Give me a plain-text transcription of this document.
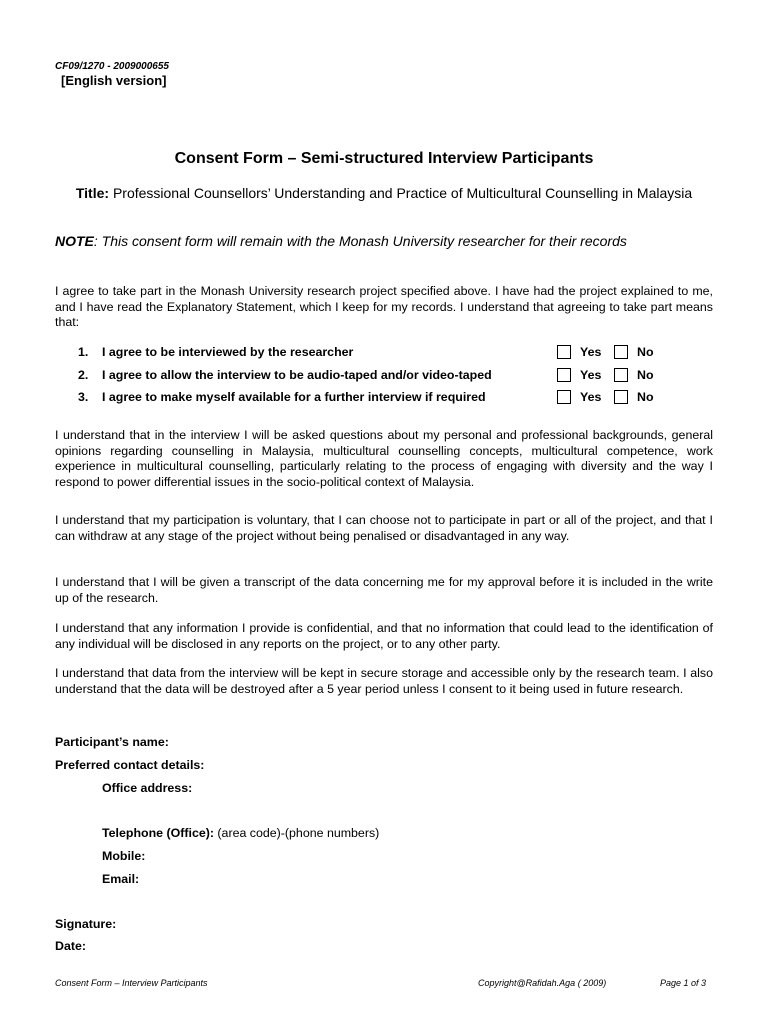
CF09/1270 - 2009000655
[English version]
Consent Form – Semi-structured Interview Participants
Title: Professional Counsellors’ Understanding and Practice of Multicultural Counselling in Malaysia
NOTE: This consent form will remain with the Monash University researcher for their records
I agree to take part in the Monash University research project specified above. I have had the project explained to me, and I have read the Explanatory Statement, which I keep for my records. I understand that agreeing to take part means that:
1. I agree to be interviewed by the researcher	Yes	No
2. I agree to allow the interview to be audio-taped and/or video-taped	Yes	No
3. I agree to make myself available for a further interview if required	Yes	No
I understand that in the interview I will be asked questions about my personal and professional backgrounds, general opinions regarding counselling in Malaysia, multicultural counselling concepts, multicultural competence, work experience in multicultural counselling, particularly relating to the process of engaging with diversity and the way I respond to power differential issues in the socio-political context of Malaysia.
I understand that my participation is voluntary, that I can choose not to participate in part or all of the project, and that I can withdraw at any stage of the project without being penalised or disadvantaged in any way.
I understand that I will be given a transcript of the data concerning me for my approval before it is included in the write up of the research.
I understand that any information I provide is confidential, and that no information that could lead to the identification of any individual will be disclosed in any reports on the project, or to any other party.
I understand that data from the interview will be kept in secure storage and accessible only by the research team. I also understand that the data will be destroyed after a 5 year period unless I consent to it being used in future research.
Participant’s name:
Preferred contact details:
Office address:
Telephone (Office): (area code)-(phone numbers)
Mobile:
Email:
Signature:
Date:
Consent Form – Interview Participants	Copyright@Rafidah.Aga ( 2009)	Page 1 of 3
